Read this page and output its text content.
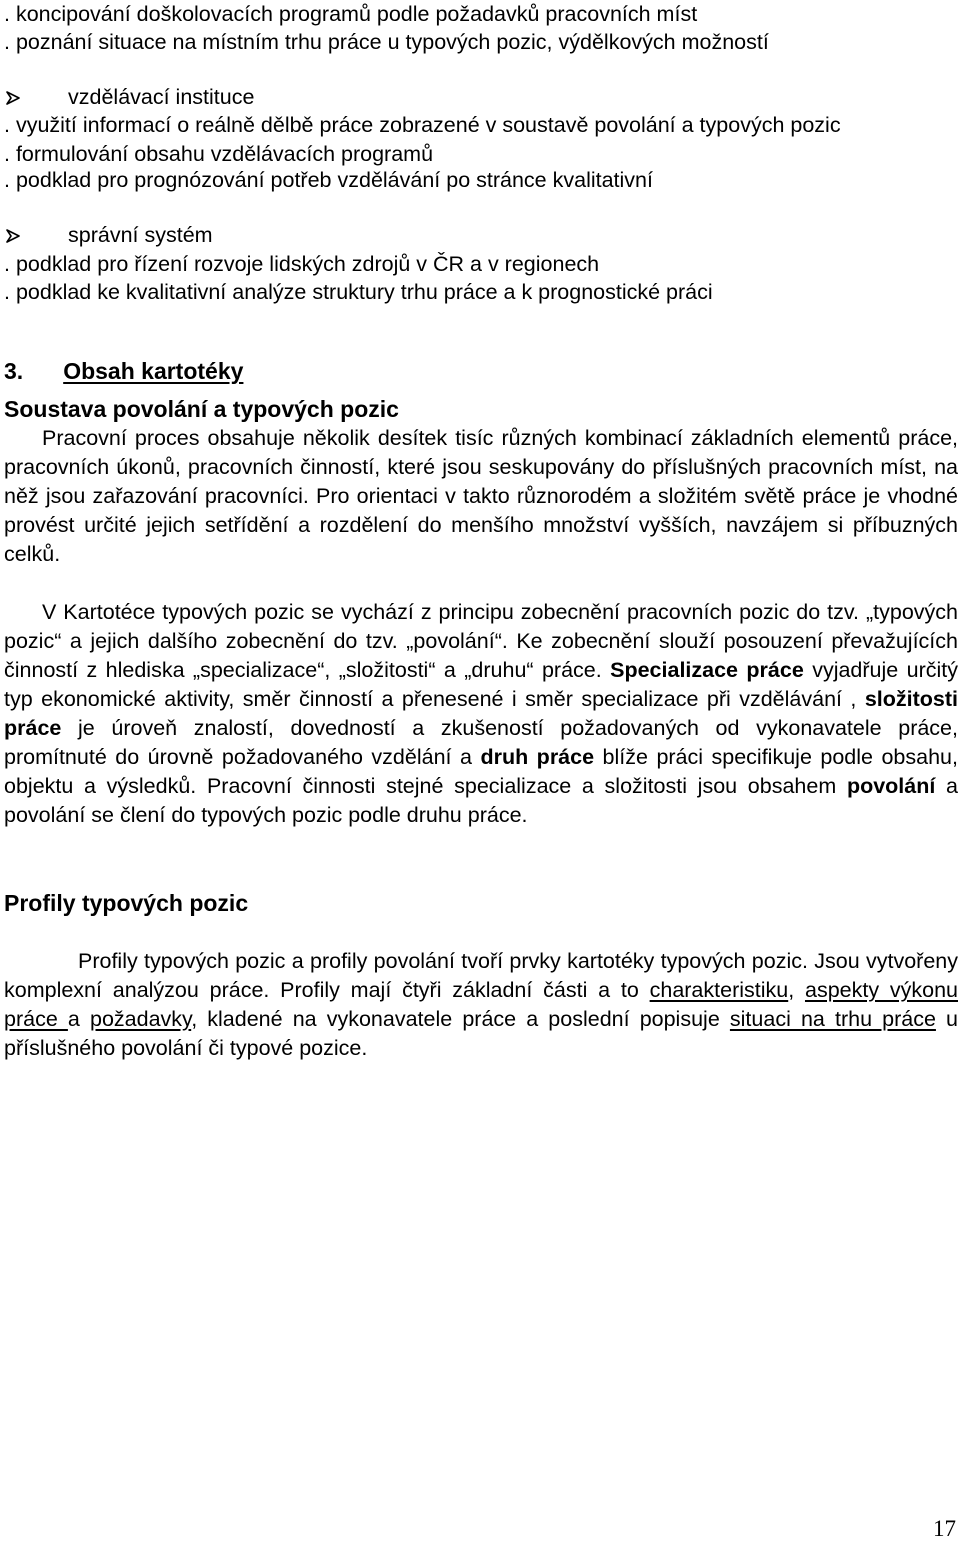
. koncipování doškolovacích programů podle požadavků pracovních míst
. poznání situace na místním trhu práce u typových pozic, výdělkových možností
vzdělávací instituce
. využití informací o reálně dělbě práce zobrazené v soustavě povolání a typových pozic
. formulování obsahu vzdělávacích programů
. podklad pro prognózování potřeb vzdělávání po stránce kvalitativní
správní systém
. podklad pro řízení rozvoje lidských zdrojů v ČR a v regionech
. podklad ke kvalitativní analýze struktury trhu práce a k prognostické práci
3. Obsah kartotéky
Soustava povolání a typových pozic

Pracovní proces obsahuje několik desítek tisíc různých kombinací základních elementů práce, pracovních úkonů, pracovních činností, které jsou seskupovány do příslušných pracovních míst, na něž jsou zařazování pracovníci. Pro orientaci v takto různorodém a složitém světě práce je vhodné provést určité jejich setřídění a rozdělení do menšího množství vyšších, navzájem si příbuzných celků.

V Kartotéce typových pozic se vychází z principu zobecnění pracovních pozic do tzv. „typových pozic“ a jejich dalšího zobecnění do tzv. „povolání“. Ke zobecnění slouží posouzení převažujících činností z hlediska „specializace“, „složitosti“ a „druhu“ práce. Specializace práce vyjadřuje určitý typ ekonomické aktivity, směr činností a přenesené i směr specializace při vzdělávání , složitosti práce je úroveň znalostí, dovedností a zkušeností požadovaných od vykonavatele práce, promítnuté do úrovně požadovaného vzdělání a druh práce blíže práci specifikuje podle obsahu, objektu a výsledků. Pracovní činnosti stejné specializace a složitosti jsou obsahem povolání a povolání se člení do typových pozic podle druhu práce.

Profily typových pozic

Profily typových pozic a profily povolání tvoří prvky kartotéky typových pozic. Jsou vytvořeny komplexní analýzou práce. Profily mají čtyři základní části a to charakteristiku, aspekty výkonu práce a požadavky, kladené na vykonavatele práce a poslední popisuje situaci na trhu práce u příslušného povolání či typové pozice.

17
